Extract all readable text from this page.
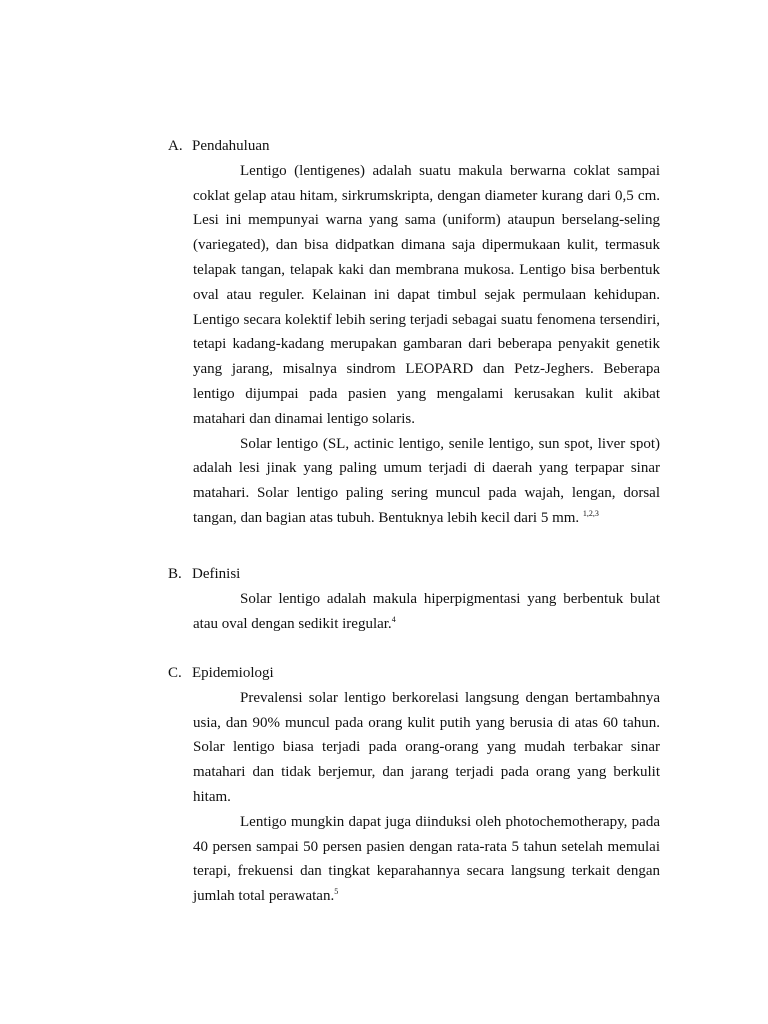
A. Pendahuluan

Lentigo (lentigenes) adalah suatu makula berwarna coklat sampai coklat gelap atau hitam, sirkrumskripta, dengan diameter kurang dari 0,5 cm. Lesi ini mempunyai warna yang sama (uniform) ataupun berselang-seling (variegated), dan bisa didpatkan dimana saja dipermukaan kulit, termasuk telapak tangan, telapak kaki dan membrana mukosa. Lentigo bisa berbentuk oval atau reguler. Kelainan ini dapat timbul sejak permulaan kehidupan. Lentigo secara kolektif lebih sering terjadi sebagai suatu fenomena tersendiri, tetapi kadang-kadang merupakan gambaran dari beberapa penyakit genetik yang jarang, misalnya sindrom LEOPARD dan Petz-Jeghers. Beberapa lentigo dijumpai pada pasien yang mengalami kerusakan kulit akibat matahari dan dinamai lentigo solaris.

Solar lentigo (SL, actinic lentigo, senile lentigo, sun spot, liver spot) adalah lesi jinak yang paling umum terjadi di daerah yang terpapar sinar matahari. Solar lentigo paling sering muncul pada wajah, lengan, dorsal tangan, dan bagian atas tubuh. Bentuknya lebih kecil dari 5 mm. $^{1,2,3}$

B. Definisi

Solar lentigo adalah makula hiperpigmentasi yang berbentuk bulat atau oval dengan sedikit iregular.$^4$

C. Epidemiologi

Prevalensi solar lentigo berkorelasi langsung dengan bertambahnya usia, dan 90% muncul pada orang kulit putih yang berusia di atas 60 tahun. Solar lentigo biasa terjadi pada orang-orang yang mudah terbakar sinar matahari dan tidak berjemur, dan jarang terjadi pada orang yang berkulit hitam.

Lentigo mungkin dapat juga diinduksi oleh photochemotherapy, pada 40 persen sampai 50 persen pasien dengan rata-rata 5 tahun setelah memulai terapi, frekuensi dan tingkat keparahannya secara langsung terkait dengan jumlah total perawatan.$^5$
